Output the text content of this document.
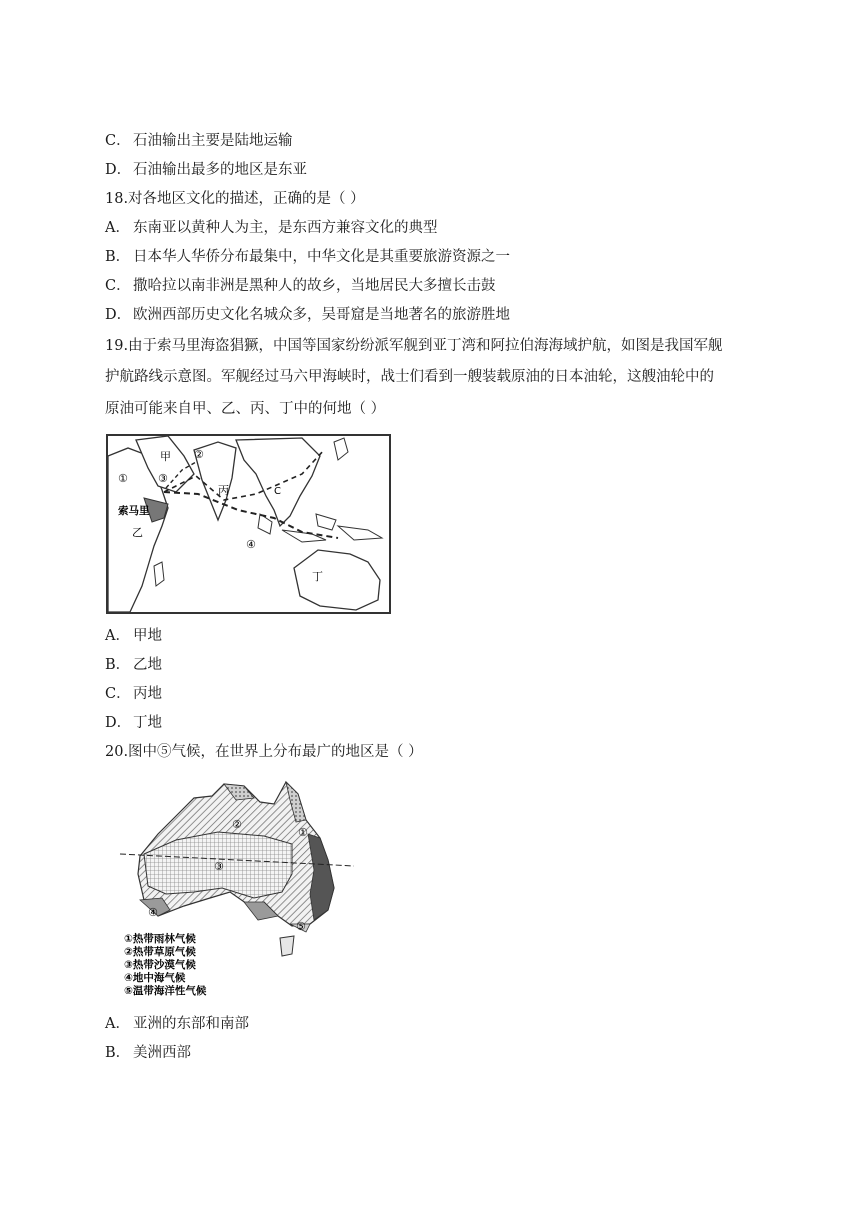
C． 石油输出主要是陆地运输
D． 石油输出最多的地区是东亚
18.对各地区文化的描述，正确的是（ ）
A． 东南亚以黄种人为主，是东西方兼容文化的典型
B． 日本华人华侨分布最集中，中华文化是其重要旅游资源之一
C． 撒哈拉以南非洲是黑种人的故乡，当地居民大多擅长击鼓
D． 欧洲西部历史文化名城众多，吴哥窟是当地著名的旅游胜地
19.由于索马里海盗猖獗，中国等国家纷纷派军舰到亚丁湾和阿拉伯海海域护航，如图是我国军舰
护航路线示意图。军舰经过马六甲海峡时，战士们看到一艘装载原油的日本油轮，这艘油轮中的
原油可能来自甲、乙、丙、丁中的何地（ ）
①
②
③
④
甲
乙
丙
丁
索马里
C
A． 甲地
B． 乙地
C． 丙地
D． 丁地
20.图中⑤气候，在世界上分布最广的地区是（ ）
①
②
③
④
⑤
①热带雨林气候
②热带草原气候
③热带沙漠气候
④地中海气候
⑤温带海洋性气候
A． 亚洲的东部和南部
B． 美洲西部
